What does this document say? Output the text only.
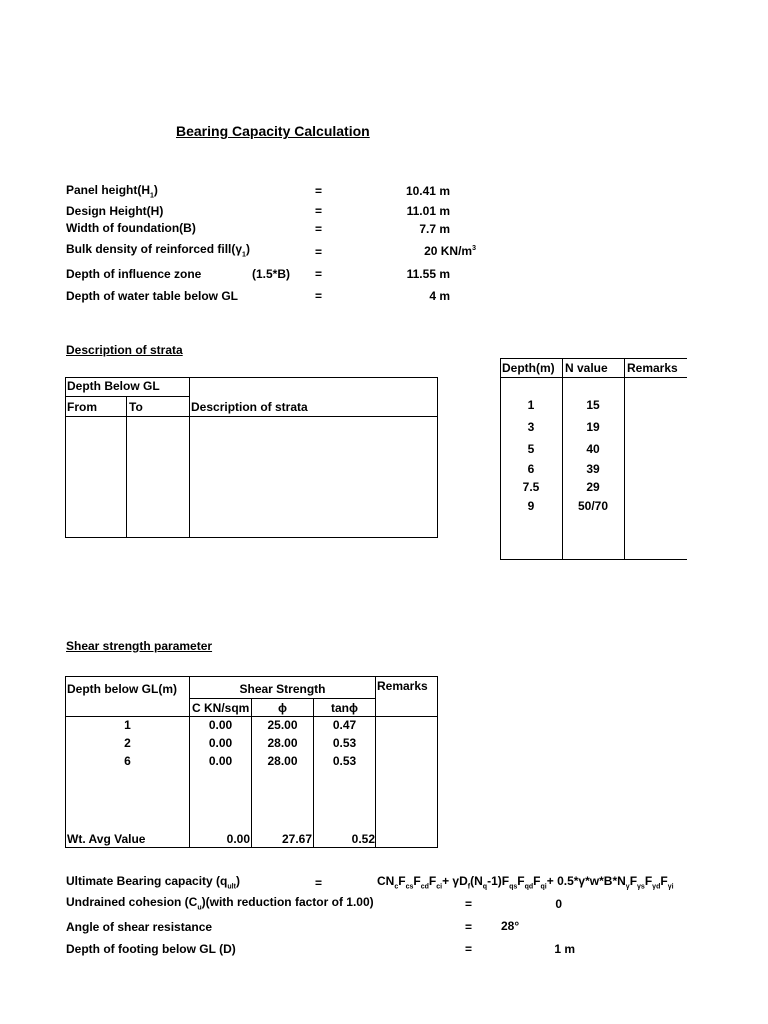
Bearing Capacity Calculation
Panel $height(H_1)$	=	10.41 m
Design Height(H)	=	11.01 m
Width of foundation(B)	=	7.7 m
Bulk density of reinforced $fill(\gamma_1)$	=	20 $KN/m^3$
Depth of influence zone	(1.5*B) =	11.55 m
Depth of water table below GL	=	4 m
Description of strata
Depth Below GL
From	To	Description of strata
Depth(m) N value Remarks
1	15
3	19
5	40
6	39
7.5	29
9	50/70
Shear strength parameter
Depth below GL(m)	Shear Strength	Remarks
C KN/sqm	ϕ	tanϕ
1	0.00	25.00	0.47
2	0.00	28.00	0.53
6	0.00	28.00	0.53
Wt. Avg Value	0.00	27.67	0.52
Ultimate Bearing capacity $(q_{ult})$	=	$CN_cF_{cs}F_{cd}F_{ci}+ \gamma D_f(N_q-1)F_{qs}F_{qd}F_{qi}+ 0.5*\gamma*w*B*N_\gamma F_{\gamma s}F_{\gamma d}F_{\gamma i}$
Undrained cohesion $(C_u)(with$ reduction factor of 1.00)	=	0
Angle of shear resistance	= 28°
Depth of footing below GL (D)	=	1 m
